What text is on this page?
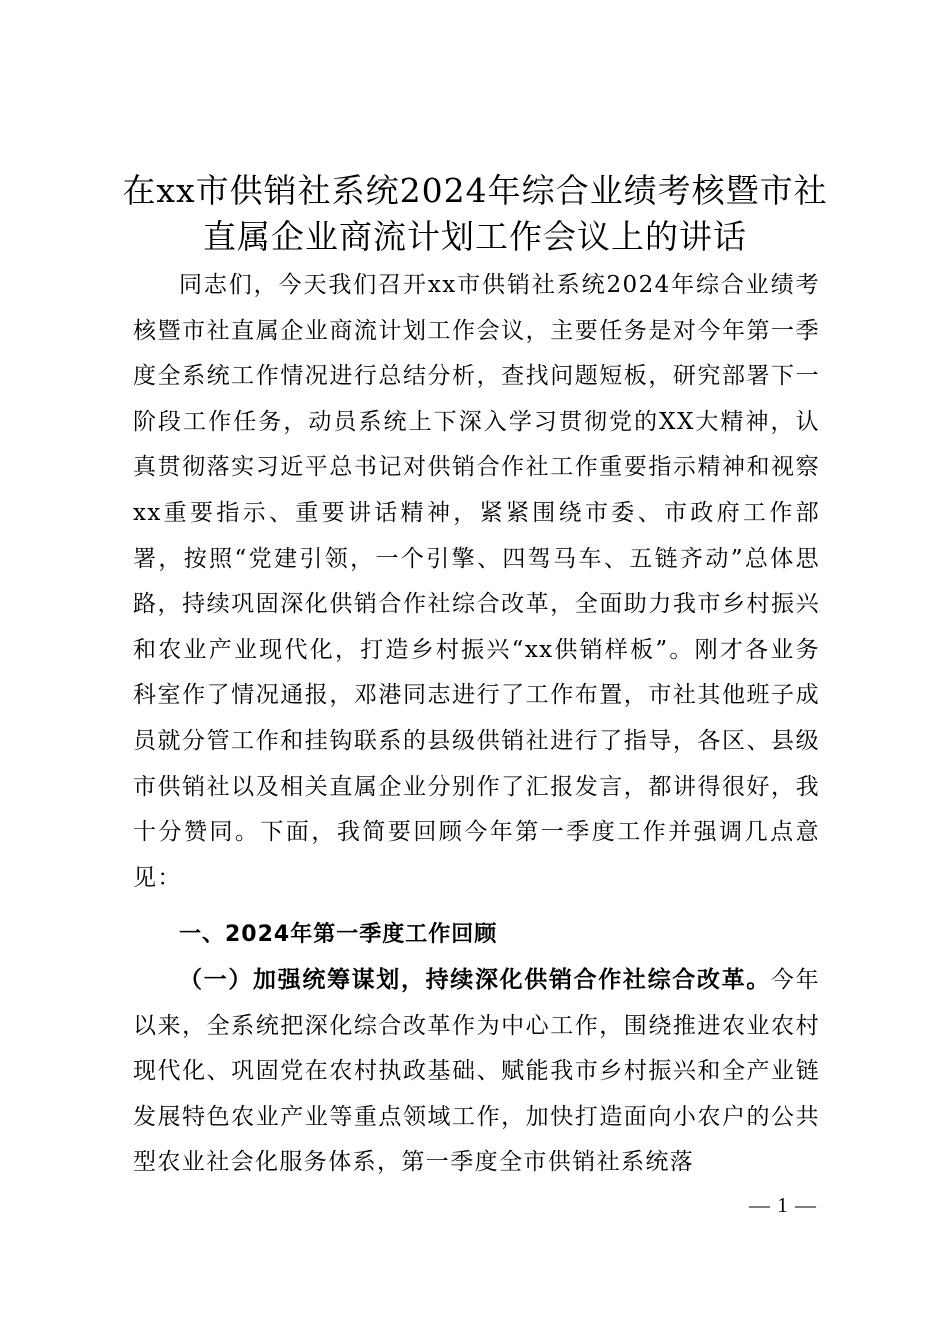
在xx市供销社系统2024年综合业绩考核暨市社直属企业商流计划工作会议上的讲话

同志们，今天我们召开xx市供销社系统2024年综合业绩考核暨市社直属企业商流计划工作会议，主要任务是对今年第一季度全系统工作情况进行总结分析，查找问题短板，研究部署下一阶段工作任务，动员系统上下深入学习贯彻党的XX大精神，认真贯彻落实习近平总书记对供销合作社工作重要指示精神和视察xx重要指示、重要讲话精神，紧紧围绕市委、市政府工作部署，按照“党建引领，一个引擎、四驾马车、五链齐动”总体思路，持续巩固深化供销合作社综合改革，全面助力我市乡村振兴和农业产业现代化，打造乡村振兴“xx供销样板”。刚才各业务科室作了情况通报，邓港同志进行了工作布置，市社其他班子成员就分管工作和挂钩联系的县级供销社进行了指导，各区、县级市供销社以及相关直属企业分别作了汇报发言，都讲得很好，我十分赞同。下面，我简要回顾今年第一季度工作并强调几点意见：

一、2024年第一季度工作回顾

（一）加强统筹谋划，持续深化供销合作社综合改革。今年以来，全系统把深化综合改革作为中心工作，围绕推进农业农村现代化、巩固党在农村执政基础、赋能我市乡村振兴和全产业链发展特色农业产业等重点领域工作，加快打造面向小农户的公共型农业社会化服务体系，第一季度全市供销社系统落

— 1 —
